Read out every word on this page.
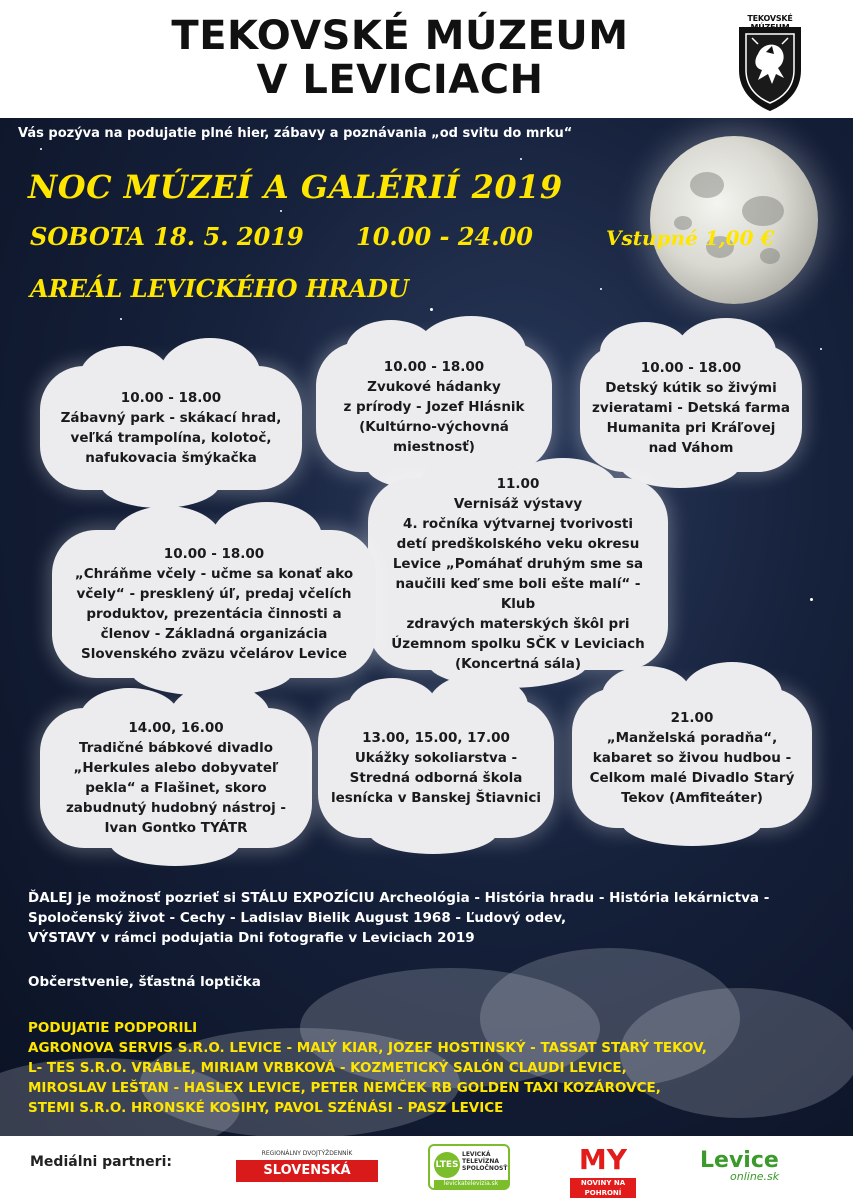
TEKOVSKÉ MÚZEUM
V LEVICIACH
TEKOVSKÉ MÚZEUM
Vás pozýva na podujatie plné hier, zábavy a poznávania „od svitu do mrku“
NOC MÚZEÍ A GALÉRIÍ 2019
SOBOTA 18. 5. 2019 10.00 - 24.00	Vstupné 1,00 €
AREÁL LEVICKÉHO HRADU
10.00 - 18.00
Zábavný park - skákací hrad,
veľká trampolína, kolotoč,
nafukovacia šmýkačka
10.00 - 18.00
Zvukové hádanky
z prírody - Jozef Hlásnik
(Kultúrno-výchovná
miestnosť)
10.00 - 18.00
Detský kútik so živými
zvieratami - Detská farma
Humanita pri Kráľovej
nad Váhom
11.00
Vernisáž výstavy
4. ročníka výtvarnej tvorivosti
detí predškolského veku okresu
Levice „Pomáhať druhým sme sa
naučili keď sme boli ešte malí“ - Klub
zdravých materských škôl pri
Územnom spolku SČK v Leviciach
(Koncertná sála)
10.00 - 18.00
„Chráňme včely - učme sa konať ako
včely“ - presklený úľ, predaj včelích
produktov, prezentácia činnosti a
členov - Základná organizácia
Slovenského zväzu včelárov Levice
14.00, 16.00
Tradičné bábkové divadlo
„Herkules alebo dobyvateľ
pekla“ a Flašinet, skoro
zabudnutý hudobný nástroj -
Ivan Gontko TYÁTR
13.00, 15.00, 17.00
Ukážky sokoliarstva -
Stredná odborná škola
lesnícka v Banskej Štiavnici
21.00
„Manželská poradňa“,
kabaret so živou hudbou -
Celkom malé Divadlo Starý
Tekov (Amfiteáter)
ĎALEJ je možnosť pozrieť si STÁLU EXPOZÍCIU Archeológia - História hradu - História lekárnictva -
Spoločenský život - Cechy - Ladislav Bielik August 1968 - Ľudový odev,
VÝSTAVY v rámci podujatia Dni fotografie v Leviciach 2019
Občerstvenie, šťastná loptička
PODUJATIE PODPORILI
AGRONOVA SERVIS S.R.O. LEVICE - MALÝ KIAR, JOZEF HOSTINSKÝ - TASSAT STARÝ TEKOV,
L- TES S.R.O. VRÁBLE, MIRIAM VRBKOVÁ - KOZMETICKÝ SALÓN CLAUDI LEVICE,
MIROSLAV LEŠTAN - HASLEX LEVICE, PETER NEMČEK RB GOLDEN TAXI KOZÁROVCE,
STEMI S.R.O. HRONSKÉ KOSIHY, PAVOL SZÉNÁSI - PASZ LEVICE
Mediálni partneri:
REGIONÁLNY DVOJTÝŽDENNÍK
SLOVENSKÁ BRÁNA
LTES
LEVICKÁ TELEVÍZNA SPOLOČNOSŤ
levickatelevizia.sk
MY
NOVINY NA POHRONÍ
Levice
online.sk
